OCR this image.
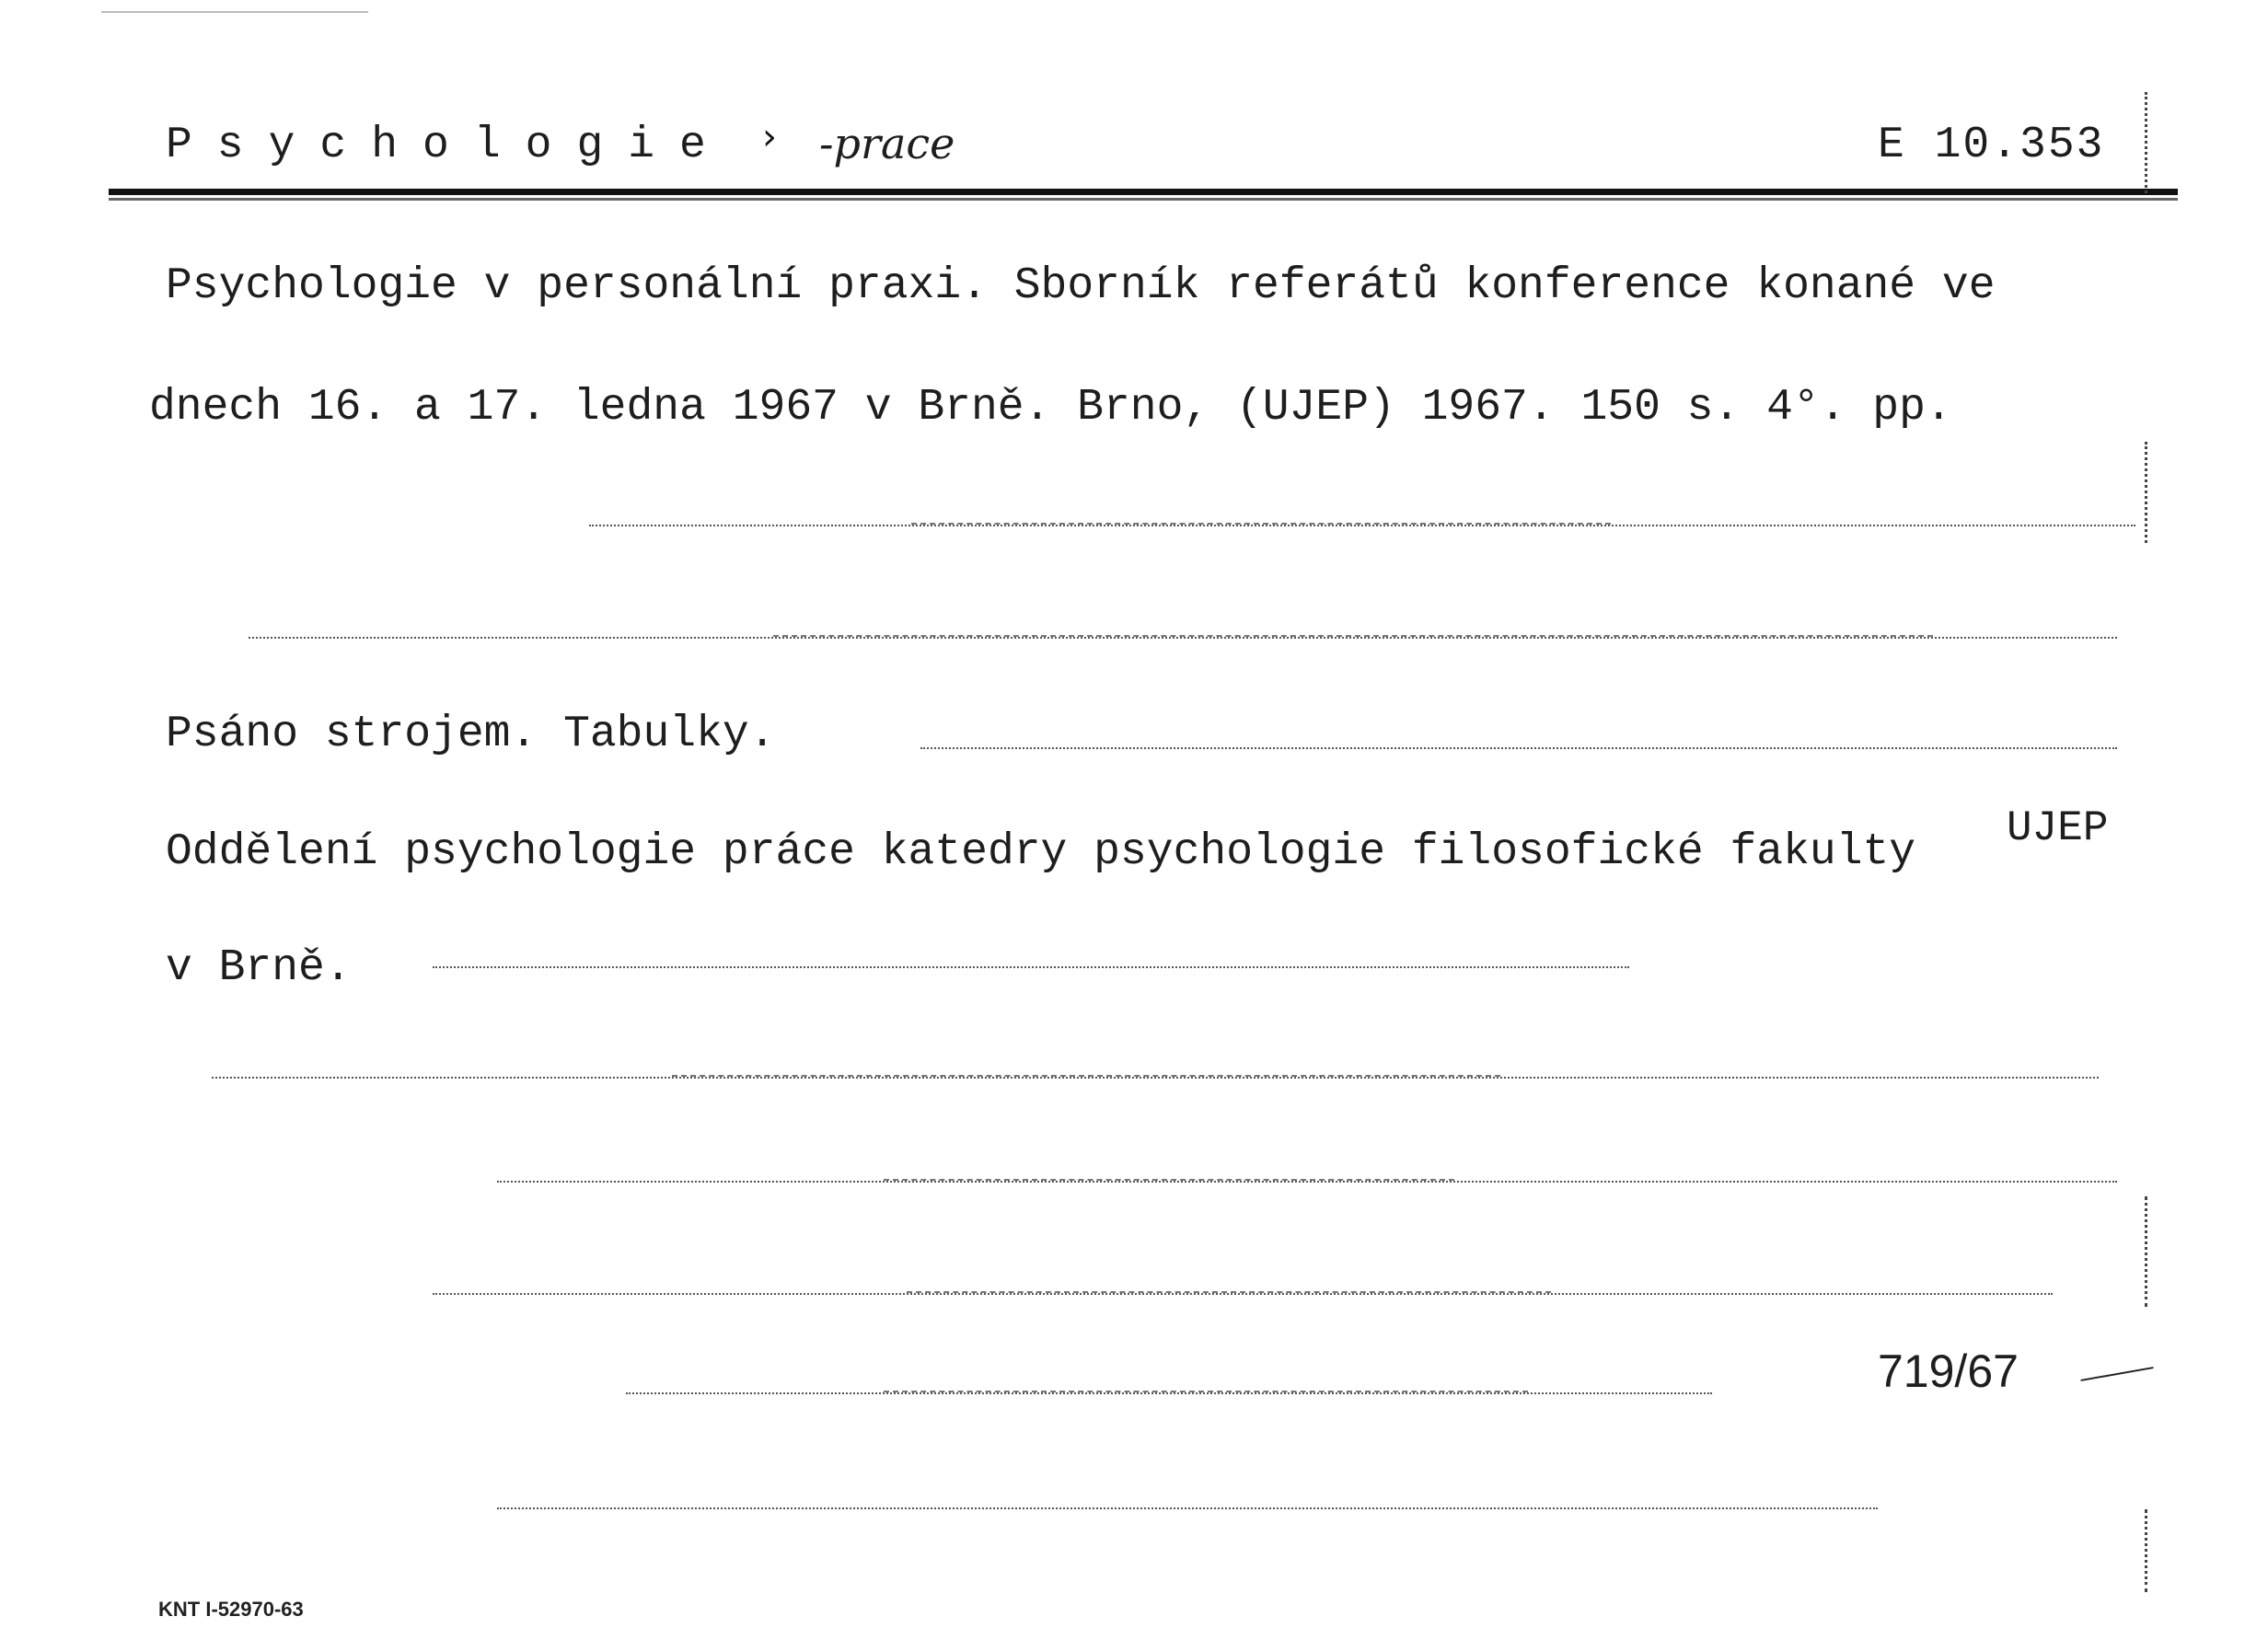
Psychologie › -prace	E 10.353
Psychologie v personální praxi. Sborník referátů konference konané ve
dnech 16. a 17. ledna 1967 v Brně. Brno, (UJEP) 1967. 150 s. 4°. pp.
Psáno strojem. Tabulky.
Oddělení psychologie práce katedry psychologie filosofické fakulty UJEP
v Brně.
719/67
KNT I-52970-63
